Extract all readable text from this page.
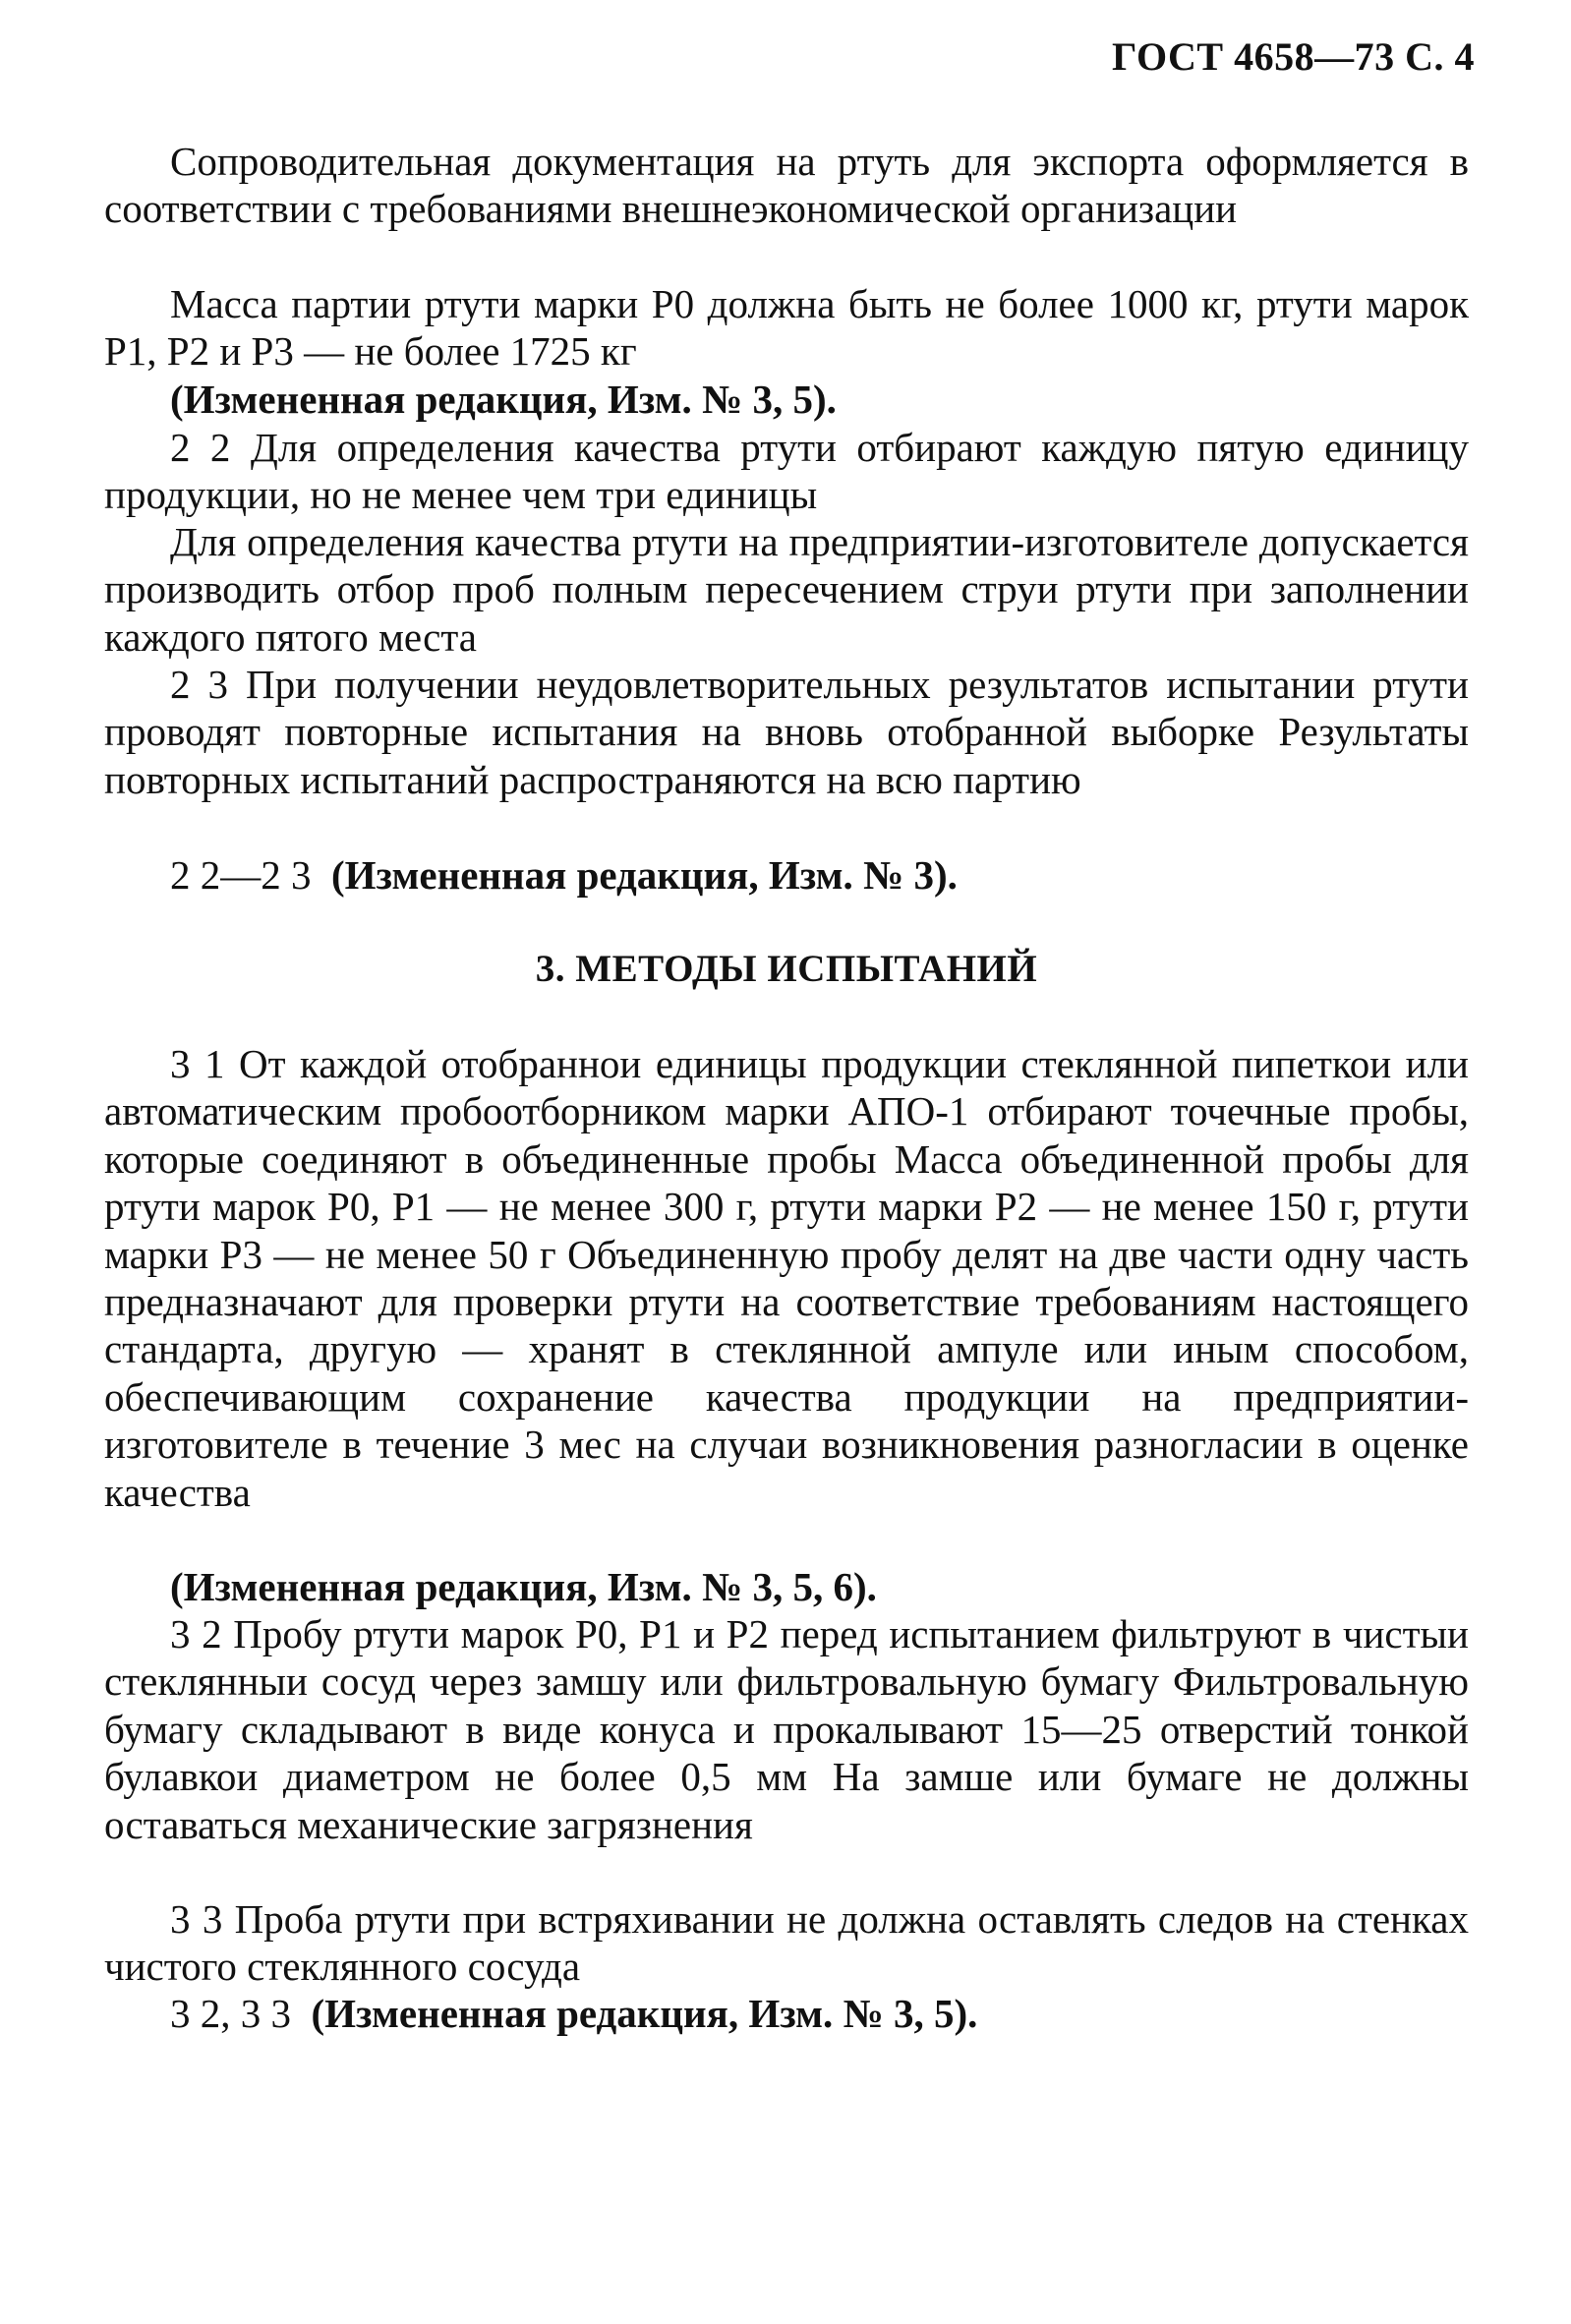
ГОСТ 4658—73 С. 4

Сопроводительная документация на ртуть для экспорта оформляется в соответствии с требованиями внешнеэкономической организации

Масса партии ртути марки Р0 должна быть не более 1000 кг, ртути марок Р1, Р2 и Р3 — не более 1725 кг

(Измененная редакция, Изм. № 3, 5).

2 2 Для определения качества ртути отбирают каждую пятую единицу продукции, но не менее чем три единицы

Для определения качества ртути на предприятии-изготовителе допускается производить отбор проб полным пересечением струи ртути при заполнении каждого пятого места

2 3 При получении неудовлетворительных результатов испытании ртути проводят повторные испытания на вновь отобранной выборке Результаты повторных испытаний распространяются на всю партию

2 2—2 3 (Измененная редакция, Изм. № 3).

3. МЕТОДЫ ИСПЫТАНИЙ

3 1 От каждой отобраннои единицы продукции стеклянной пипеткои или автоматическим пробоотборником марки АПО-1 отбирают точечные пробы, которые соединяют в объединенные пробы Масса объединенной пробы для ртути марок Р0, Р1 — не менее 300 г, ртути марки Р2 — не менее 150 г, ртути марки Р3 — не менее 50 г Объединенную пробу делят на две части одну часть предназначают для проверки ртути на соответствие требованиям настоящего стандарта, другую — хранят в стеклянной ампуле или иным способом, обеспечивающим сохранение качества продукции на предприятии-изготовителе в течение 3 мес на случаи возникновения разногласии в оценке качества

(Измененная редакция, Изм. № 3, 5, 6).

3 2 Пробу ртути марок Р0, Р1 и Р2 перед испытанием фильтруют в чистыи стеклянныи сосуд через замшу или фильтровальную бумагу Фильтровальную бумагу складывают в виде конуса и прокалывают 15—25 отверстий тонкой булавкои диаметром не более 0,5 мм На замше или бумаге не должны оставаться механические загрязнения

3 3 Проба ртути при встряхивании не должна оставлять следов на стенках чистого стеклянного сосуда

3 2, 3 3 (Измененная редакция, Изм. № 3, 5).
